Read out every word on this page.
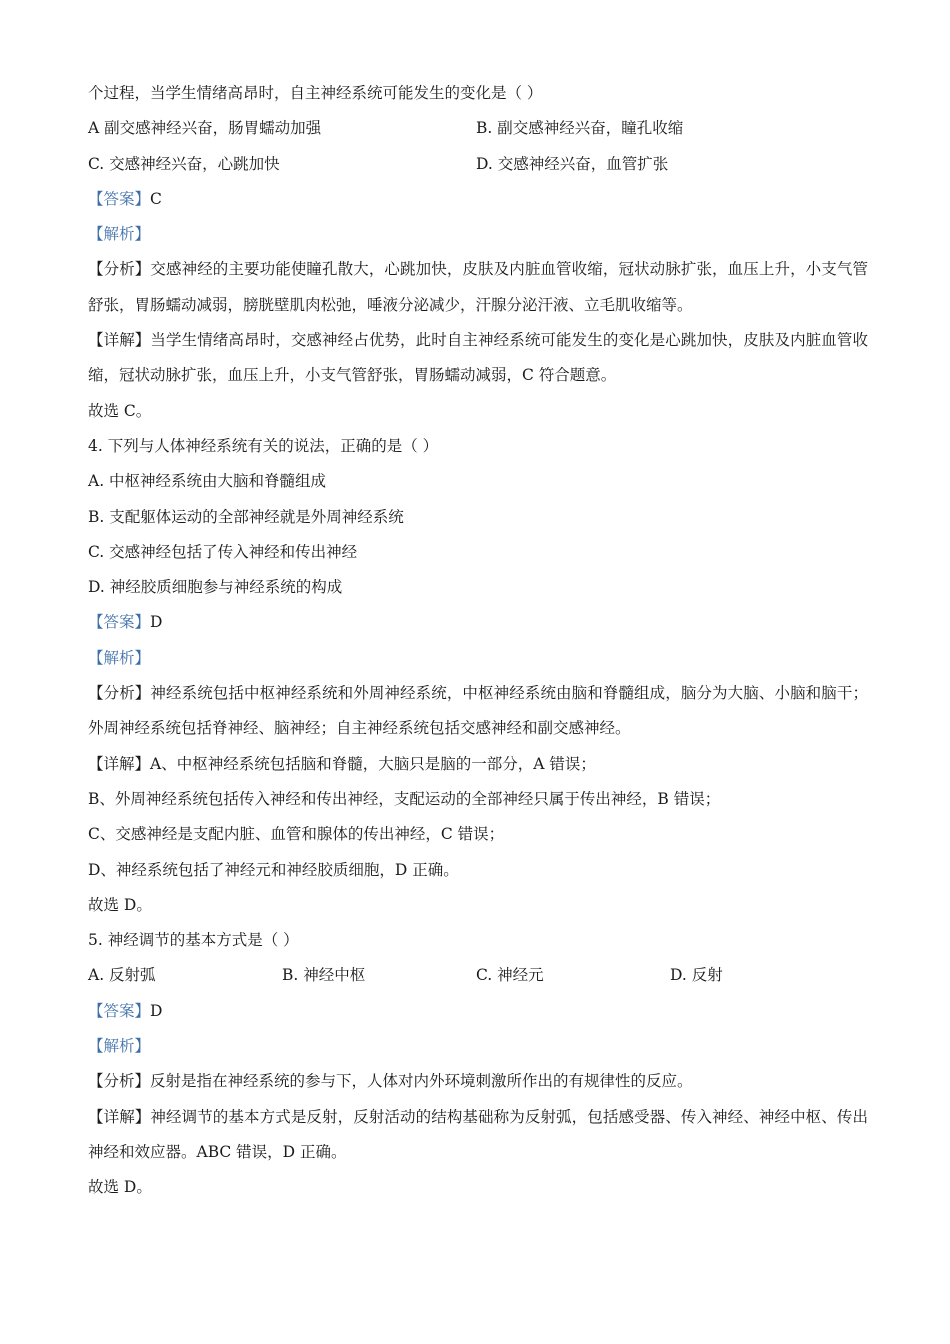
个过程，当学生情绪高昂时，自主神经系统可能发生的变化是（ ）
A 副交感神经兴奋，肠胃蠕动加强	B. 副交感神经兴奋，瞳孔收缩
C. 交感神经兴奋，心跳加快	D. 交感神经兴奋，血管扩张
【答案】C
【解析】
【分析】交感神经的主要功能使瞳孔散大，心跳加快，皮肤及内脏血管收缩，冠状动脉扩张，血压上升，小支气管舒张，胃肠蠕动减弱，膀胱壁肌肉松弛，唾液分泌减少，汗腺分泌汗液、立毛肌收缩等。
【详解】当学生情绪高昂时，交感神经占优势，此时自主神经系统可能发生的变化是心跳加快，皮肤及内脏血管收缩，冠状动脉扩张，血压上升，小支气管舒张，胃肠蠕动减弱，C 符合题意。
故选 C。
4. 下列与人体神经系统有关的说法，正确的是（ ）
A. 中枢神经系统由大脑和脊髓组成
B. 支配躯体运动的全部神经就是外周神经系统
C. 交感神经包括了传入神经和传出神经
D. 神经胶质细胞参与神经系统的构成
【答案】D
【解析】
【分析】神经系统包括中枢神经系统和外周神经系统，中枢神经系统由脑和脊髓组成，脑分为大脑、小脑和脑干；外周神经系统包括脊神经、脑神经；自主神经系统包括交感神经和副交感神经。
【详解】A、中枢神经系统包括脑和脊髓，大脑只是脑的一部分，A 错误；
B、外周神经系统包括传入神经和传出神经，支配运动的全部神经只属于传出神经，B 错误；
C、交感神经是支配内脏、血管和腺体的传出神经，C 错误；
D、神经系统包括了神经元和神经胶质细胞，D 正确。
故选 D。
5. 神经调节的基本方式是（ ）
A. 反射弧	B. 神经中枢	C. 神经元	D. 反射
【答案】D
【解析】
【分析】反射是指在神经系统的参与下，人体对内外环境刺激所作出的有规律性的反应。
【详解】神经调节的基本方式是反射，反射活动的结构基础称为反射弧，包括感受器、传入神经、神经中枢、传出神经和效应器。ABC 错误，D 正确。
故选 D。
